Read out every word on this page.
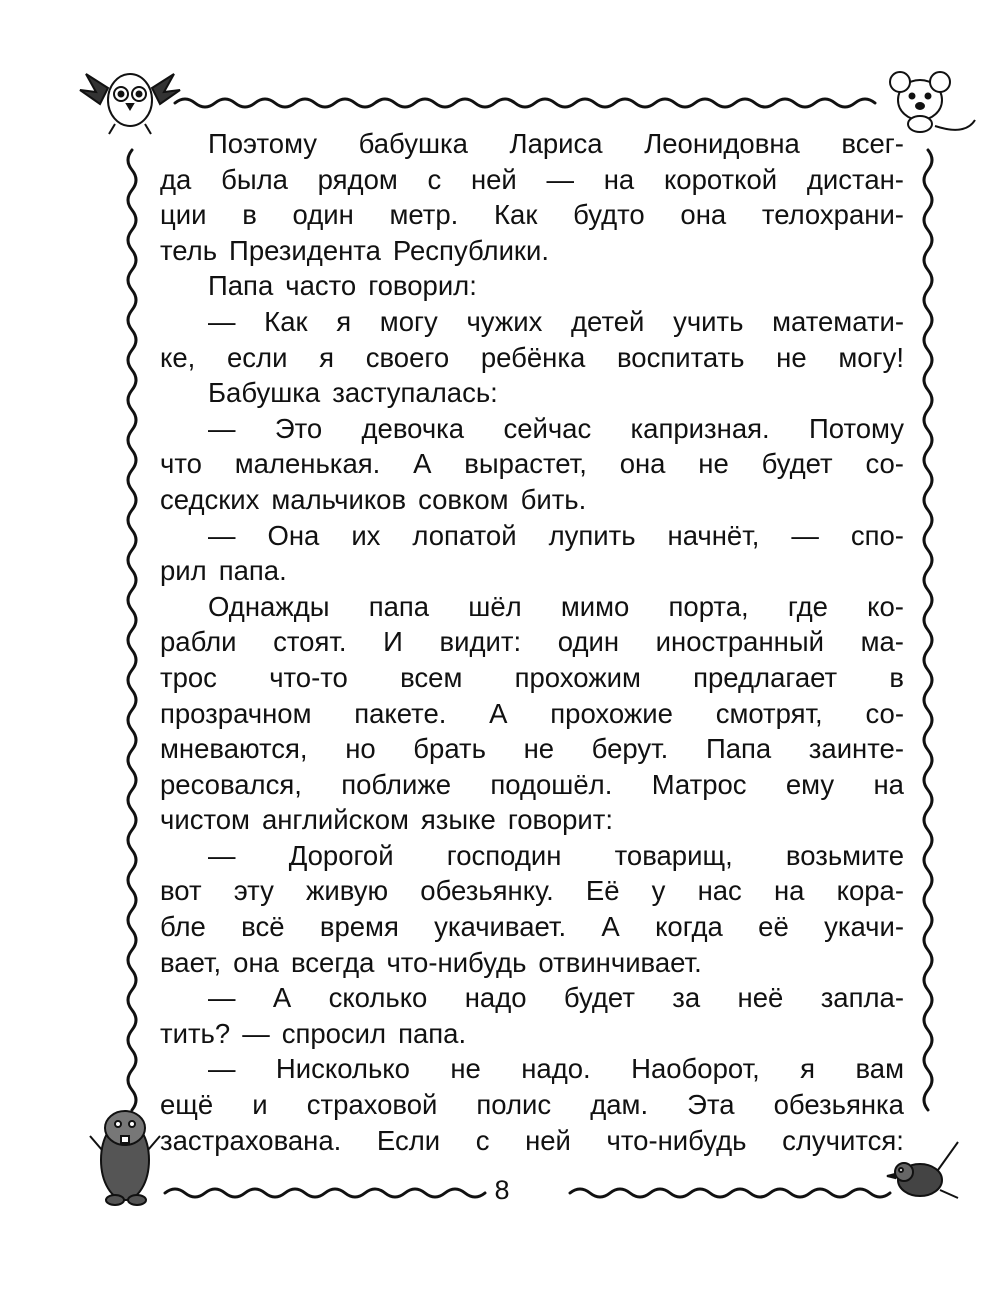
Поэтому бабушка Лариса Леонидовна всег-
да была рядом с ней — на короткой дистан-
ции в один метр. Как будто она телохрани-
тель Президента Республики.
Папа часто говорил:
— Как я могу чужих детей учить математи-
ке, если я своего ребёнка воспитать не могу!
Бабушка заступалась:
— Это девочка сейчас капризная. Потому
что маленькая. А вырастет, она не будет со-
седских мальчиков совком бить.
— Она их лопатой лупить начнёт, — спо-
рил папа.
Однажды папа шёл мимо порта, где ко-
рабли стоят. И видит: один иностранный ма-
трос что-то всем прохожим предлагает в
прозрачном пакете. А прохожие смотрят, со-
мневаются, но брать не берут. Папа заинте-
ресовался, поближе подошёл. Матрос ему на
чистом английском языке говорит:
— Дорогой господин товарищ, возьмите
вот эту живую обезьянку. Её у нас на кора-
бле всё время укачивает. А когда её укачи-
вает, она всегда что-нибудь отвинчивает.
— А сколько надо будет за неё запла-
тить? — спросил папа.
— Нисколько не надо. Наоборот, я вам
ещё и страховой полис дам. Эта обезьянка
застрахована. Если с ней что-нибудь случится:
8
